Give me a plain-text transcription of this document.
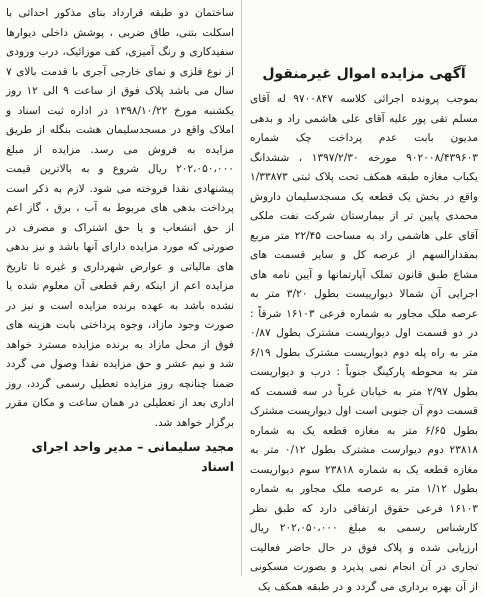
آگهی مزایده اموال غیرمنقول

بموجب پرونده اجرائی کلاسه ۹۷۰۰۸۴۷ له آقای مسلم تقی پور علیه آقای علی هاشمی راد و بدهی مدیون بابت عدم پرداخت چک شماره ۹۰۲۰۰۸/۴۳۹۶۰۳ مورخه ۱۳۹۷/۲/۳۰ ، ششدانگ یکباب مغازه طبقه همکف تحت پلاک ثبتی ۱/۳۳۸۷۳ واقع در بخش یک قطعه یک مسجدسلیمان داروش محمدی پایین تر از بیمارستان شرکت نفت ملکی آقای علی هاشمی راد به مساحت ۲۲/۴۵ متر مربع بمقدارالسهم از عرصه کل و سایر قسمت های مشاع طبق قانون تملک آپارتمانها و آیین نامه های اجرایی آن شمالا دیوارییست بطول ۳/۲۰ متر به عرصه ملک مجاور به شماره فرعی ۱۶۱۰۳ شرقاً : در دو قسمت اول دیواریست مشترک بطول ۰/۸۷ متر به راه پله دوم دیواریست مشترک بطول ۶/۱۹ متر به محوطه پارکینگ جنوباً : درب و دیواریست بطول ۲/۹۷ متر به خیابان غرباً در سه قسمت که قسمت دوم آن جنوبی است اول دیواریست مشترک بطول ۶/۶۵ متر به مغازه قطعه یک به شماره ۲۳۸۱۸ دوم دیوارست مشترک بطول ۰/۱۲ متر به مغازه قطعه یک به شماره ۲۳۸۱۸ سوم دیواریست بطول ۱/۱۲ متر به عرصه ملک مجاور به شماره ۱۶۱۰۳ فرعی حقوق ارتفاقی دارد که طبق نظر کارشناس رسمی به مبلغ ۲۰۲،۰۵۰،۰۰۰ ریال ارزیابی شده و پلاک فوق در حال حاضر فعالیت تجاری در آن انجام نمی پذیرد و بصورت مسکونی از آن بهره برداری می گردد و در طبقه همکف یک

ساختمان دو طبقه قرارداد بنای مذکور احداثی با اسکلت بتنی، طاق ضربی ، پوشش داخلی دیوارها سفیدکاری و رنگ آمیزی، کف موزائیک، درب ورودی از نوع فلزی و نمای خارجی آجری با قدمت بالای ۷ سال می باشد پلاک فوق از ساعت ۹ الی ۱۲ روز یکشنبه مورخ ۱۳۹۸/۱۰/۲۲ در اداره ثبت اسناد و املاک واقع در مسجدسلیمان هشت بنگله از طریق مزایده به فروش می رسد. مزایده از مبلغ ۲۰۲،۰۵۰،۰۰۰ ریال شروع و به بالاترین قیمت پیشنهادی نقدا فروخته می شود. لازم به ذکر است پرداخت بدهی های مربوط به آب ، برق ، گاز اعم از حق انشعاب و یا حق اشتراک و مصرف در صورتی که مورد مزایده دارای آنها باشد و نیز بدهی های مالیاتی و عوارض شهرداری و غیره تا تاریخ مزایده اعم از اینکه رقم قطعی آن معلوم شده یا نشده باشد به عهده برنده مزایده است و نیز در صورت وجود مازاد، وجوه پرداختی بابت هزینه های فوق از محل مازاد به برنده مزایده مسترد خواهد شد و نیم عشر و حق مزایده نقدا وصول می گردد ضمنا چنانچه روز مزایده تعطیل رسمی گردد، روز اداری بعد از تعطیلی در همان ساعت و مکان مقرر برگزار خواهد شد.

مجید سلیمانی – مدیر واحد اجرای اسناد
